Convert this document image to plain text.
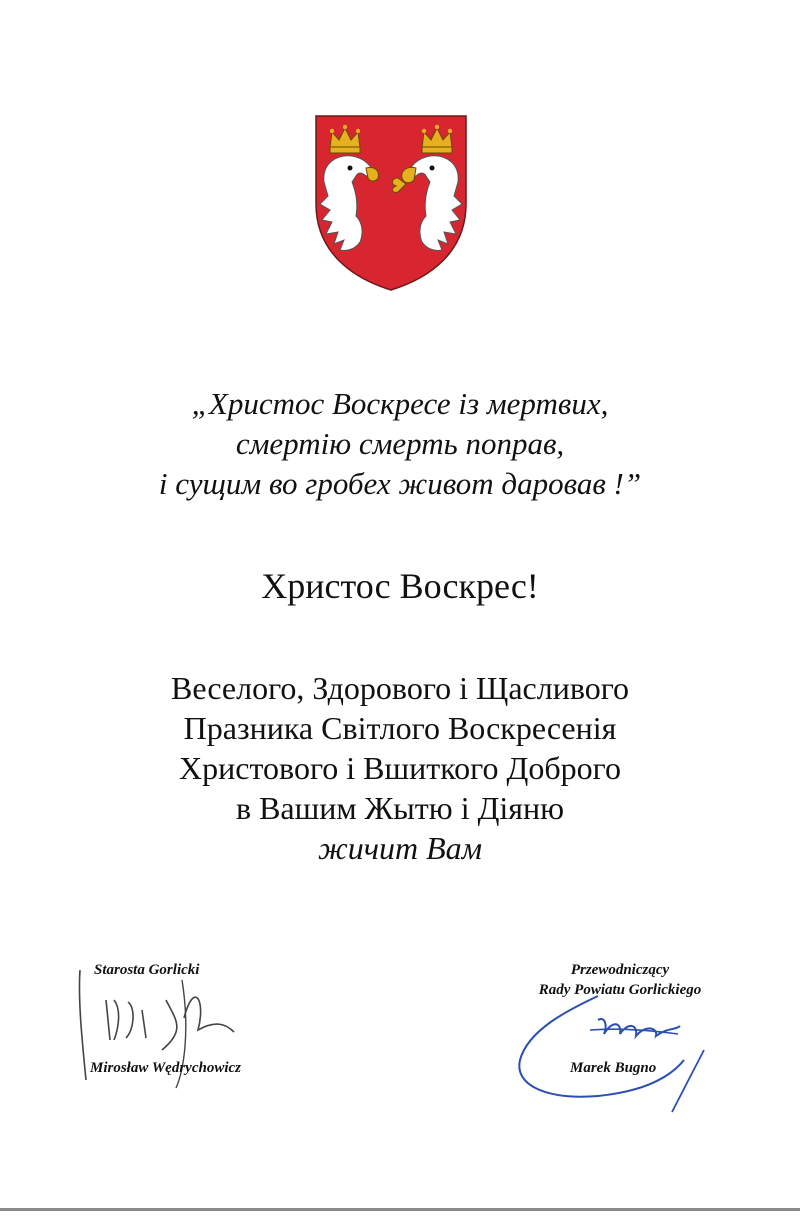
„Христос Воскресе із мертвих,
смертію смерть поправ,
і сущим во гробех живот даровав !”
Христос Воскрес!
Веселого, Здорового і Щасливого
Празника Світлого Воскресенія
Христового і Вшиткого Доброго
в Вашим Жытю і Діяню
жичит Вам
Starosta Gorlicki
Mirosław Wędrychowicz
Przewodniczący
Rady Powiatu Gorlickiego
Marek Bugno
